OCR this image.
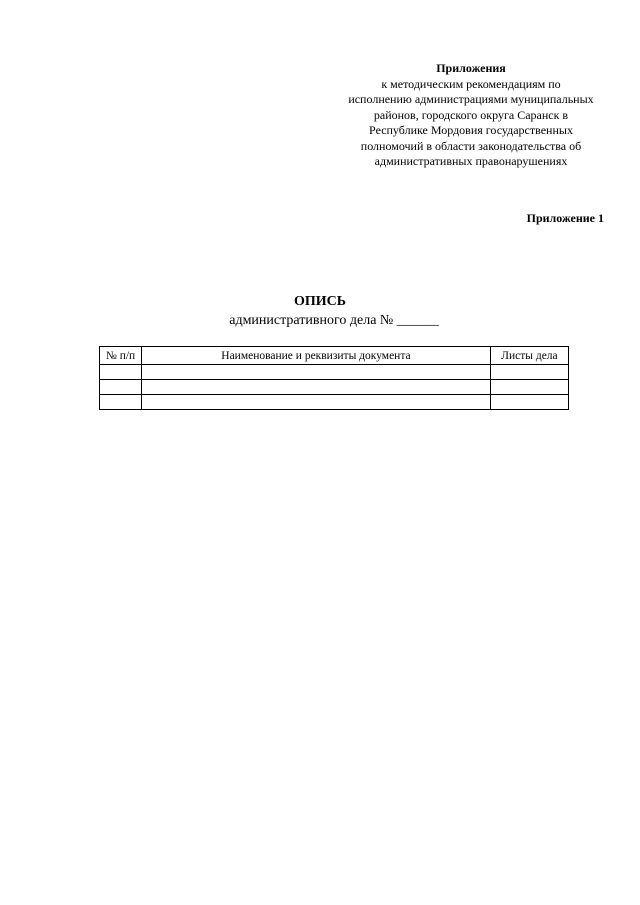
Приложения
к методическим рекомендациям по
исполнению администрациями муниципальных
районов, городского округа Саранск в
Республике Мордовия государственных
полномочий в области законодательства об
административных правонарушениях
Приложение 1
ОПИСЬ
административного дела № ______
№ п/п	Наименование и реквизиты документа	Листы дела
